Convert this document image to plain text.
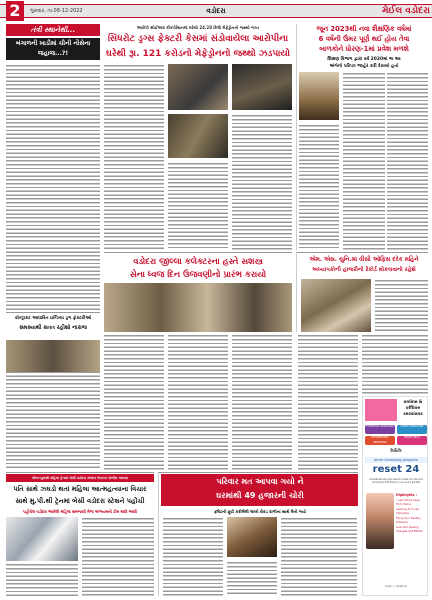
2	ગુરુવાર, તા.08-12-2022	વડોદરા	મેઈલ વડોદરા
તંત્રી સ્થાનેથી...
બંગાળની ખાડીમાં ચીની નૌસેના જહાજ...?!
આરોપી સીઈઆર કોરપોરેશનમાં ઘરેથી 24.28 કિલો મેફેડ્રોનનો જથ્થો જપ્ત
સિંધરોટ ડ્રગ્સ ફેક્ટરી કેસમાં સંડોવાયેલા આરોપીના
ઘરેથી રૂા. 121 કરોડનો મેફેડ્રોનનો જથ્થો ઝડપાયો
જૂન 2023થી નવા શૈક્ષણિક વર્ષમાં
6 વર્ષની ઉંમર પૂર્ણ થઈ હોય તેવા
બાળકોને ધોરણ-1માં પ્રવેશ મળશે
શિક્ષણ વિભાગ દ્વારા વર્ષ 2020માં જ આ
અંગેનો પરિપત્ર જાહેર કરી દેવાયો હતો
કોન્ટ્રાક્ટ આધારિત ઇન્ડિયા ડ્રગ ફેક્ટરીઓ
સમસ્યાથી સતત રહીશો નારાજ
વડોદરા જીલ્લા કલેક્ટરના હસ્તે સશસ્ત્ર
સેના ધ્વજ દિન ઉજવણીનો પ્રારંભ કરાયો
એમ. એસ. યુનિ.માં વીસી ઓફિસ દરેક મહિને
અધ્યાપકોની હાજરીનો રેકોર્ડ મોકલવાનો રહેશે
online &
offline
sessions
HYPNOSIS SESSIONS	ASTRO SESSIONS
REGRESSION SESSIONS
BOOK HELP
h&h
inner cleansing program
reset 24
sometimes we just need to reset our life and reconnect and flow for our soul's growth
Highlights :
• Let's Move Away
From Toxins
Learning for Inner
Cleansing
Fixing Your Destiny
Dilemma
Love and Healing
Changes and Effects
heal + healing
મીલનપુરાથી મહિલા ટ્રેનમાં બેસી વડોદરા સ્ટેશન ઉતરતા પોલીસ આવ્યા
પતિ સાથે ઝઘડો થતાં મહિલા આત્મહત્યાના વિચાર
સાથે મુ.પી.થી ટ્રેનમાં બેસી વડોદરા સ્ટેશને પહોંચી
પહોંચેલ વડોદરા આવેલી મહિલા સમજાવી મેળા અભયમની ટીમ મદદે આવી
પરિવાર મત આપવા ગયો ને
ઘરમાંથી 49 હજારની ચોરી
ફ્લેટની છૂટી કરીલેલી લાખો રોકડ દાગીના સાથે લેતો ગયો
